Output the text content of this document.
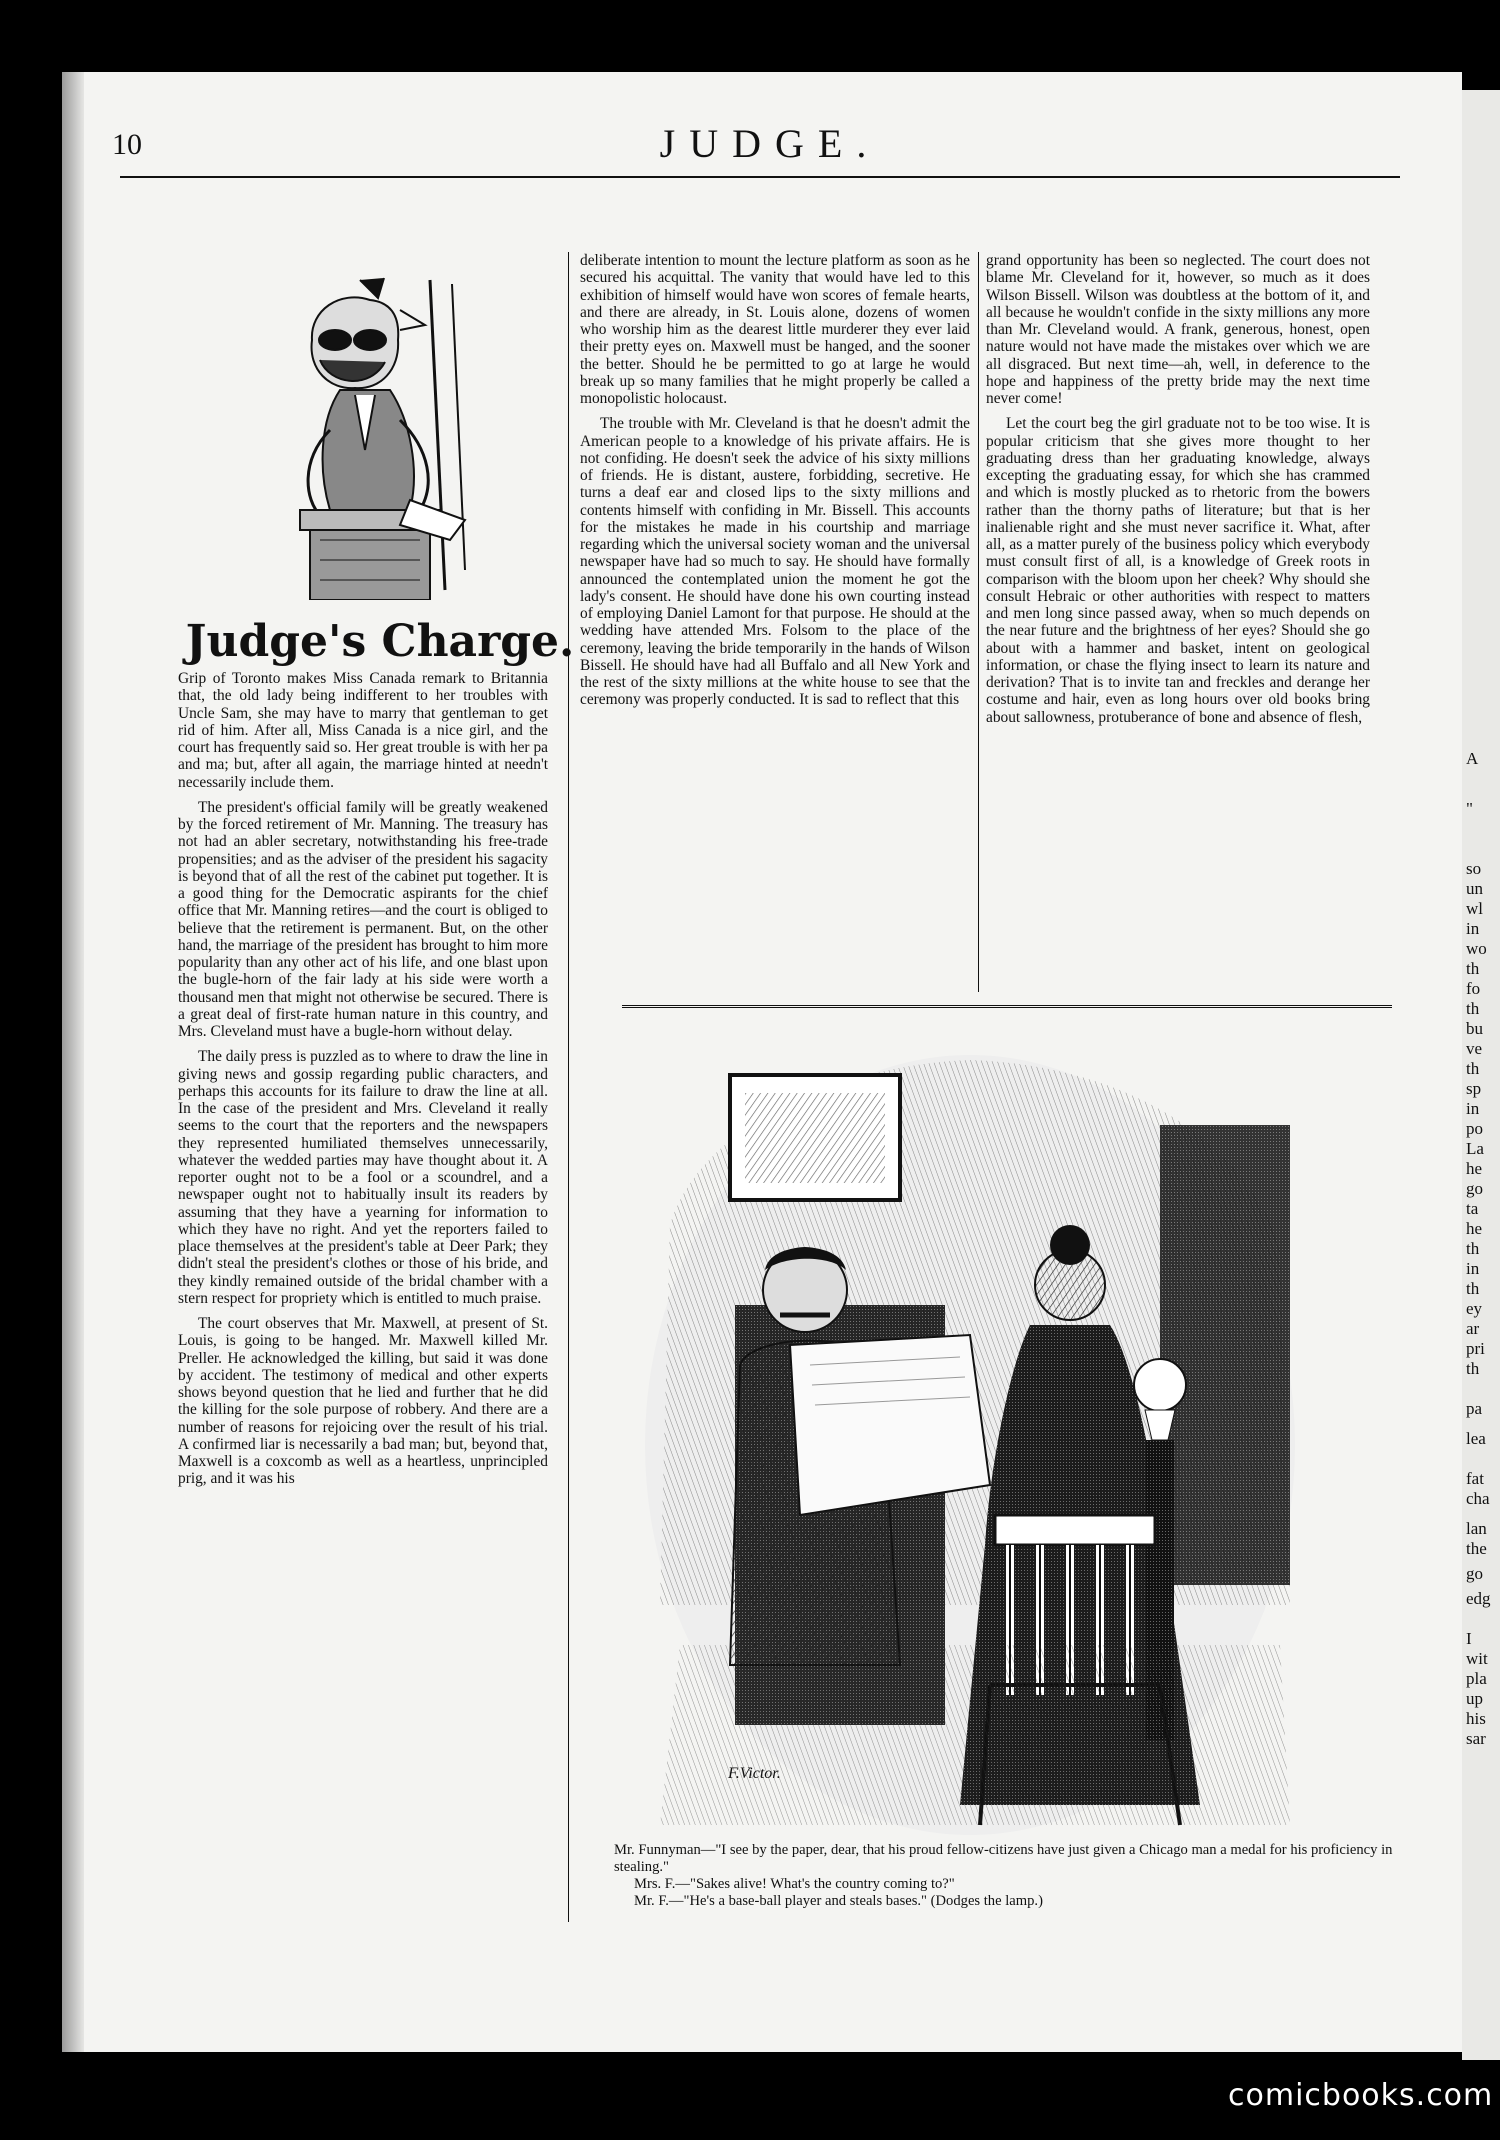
A
"
so
un
wl
in
wo
th
fo
th
bu
ve
th
sp
in
po
La
he
go
ta
he
th
in
th
ey
ar
pri
th
pa
lea
fat
cha
lan
the
go
edg
I
wit
pla
up
his
sar
10	JUDGE.
Judge's Charge.

Grip of Toronto makes Miss Canada remark to Britannia that, the old lady being indifferent to her troubles with Uncle Sam, she may have to marry that gentleman to get rid of him. After all, Miss Canada is a nice girl, and the court has frequently said so. Her great trouble is with her pa and ma; but, after all again, the marriage hinted at needn't necessarily include them.

The president's official family will be greatly weakened by the forced retirement of Mr. Manning. The treasury has not had an abler secretary, notwithstanding his free-trade propensities; and as the adviser of the president his sagacity is beyond that of all the rest of the cabinet put together. It is a good thing for the Democratic aspirants for the chief office that Mr. Manning retires—and the court is obliged to believe that the retirement is permanent. But, on the other hand, the marriage of the president has brought to him more popularity than any other act of his life, and one blast upon the bugle-horn of the fair lady at his side were worth a thousand men that might not otherwise be secured. There is a great deal of first-rate human nature in this country, and Mrs. Cleveland must have a bugle-horn without delay.

The daily press is puzzled as to where to draw the line in giving news and gossip regarding public characters, and perhaps this accounts for its failure to draw the line at all. In the case of the president and Mrs. Cleveland it really seems to the court that the reporters and the newspapers they represented humiliated themselves unnecessarily, whatever the wedded parties may have thought about it. A reporter ought not to be a fool or a scoundrel, and a newspaper ought not to habitually insult its readers by assuming that they have a yearning for information to which they have no right. And yet the reporters failed to place themselves at the president's table at Deer Park; they didn't steal the president's clothes or those of his bride, and they kindly remained outside of the bridal chamber with a stern respect for propriety which is entitled to much praise.

The court observes that Mr. Maxwell, at present of St. Louis, is going to be hanged. Mr. Maxwell killed Mr. Preller. He acknowledged the killing, but said it was done by accident. The testimony of medical and other experts shows beyond question that he lied and further that he did the killing for the sole purpose of robbery. And there are a number of reasons for rejoicing over the result of his trial. A confirmed liar is necessarily a bad man; but, beyond that, Maxwell is a coxcomb as well as a heartless, unprincipled prig, and it was his

deliberate intention to mount the lecture platform as soon as he secured his acquittal. The vanity that would have led to this exhibition of himself would have won scores of female hearts, and there are already, in St. Louis alone, dozens of women who worship him as the dearest little murderer they ever laid their pretty eyes on. Maxwell must be hanged, and the sooner the better. Should he be permitted to go at large he would break up so many families that he might properly be called a monopolistic holocaust.

The trouble with Mr. Cleveland is that he doesn't admit the American people to a knowledge of his private affairs. He is not confiding. He doesn't seek the advice of his sixty millions of friends. He is distant, austere, forbidding, secretive. He turns a deaf ear and closed lips to the sixty millions and contents himself with confiding in Mr. Bissell. This accounts for the mistakes he made in his courtship and marriage regarding which the universal society woman and the universal newspaper have had so much to say. He should have formally announced the contemplated union the moment he got the lady's consent. He should have done his own courting instead of employing Daniel Lamont for that purpose. He should at the wedding have attended Mrs. Folsom to the place of the ceremony, leaving the bride temporarily in the hands of Wilson Bissell. He should have had all Buffalo and all New York and the rest of the sixty millions at the white house to see that the ceremony was properly conducted. It is sad to reflect that this

grand opportunity has been so neglected. The court does not blame Mr. Cleveland for it, however, so much as it does Wilson Bissell. Wilson was doubtless at the bottom of it, and all because he wouldn't confide in the sixty millions any more than Mr. Cleveland would. A frank, generous, honest, open nature would not have made the mistakes over which we are all disgraced. But next time—ah, well, in deference to the hope and happiness of the pretty bride may the next time never come!

Let the court beg the girl graduate not to be too wise. It is popular criticism that she gives more thought to her graduating dress than her graduating knowledge, always excepting the graduating essay, for which she has crammed and which is mostly plucked as to rhetoric from the bowers rather than the thorny paths of literature; but that is her inalienable right and she must never sacrifice it. What, after all, as a matter purely of the business policy which everybody must consult first of all, is a knowledge of Greek roots in comparison with the bloom upon her cheek? Why should she consult Hebraic or other authorities with respect to matters and men long since passed away, when so much depends on the near future and the brightness of her eyes? Should she go about with a hammer and basket, intent on geological information, or chase the flying insect to learn its nature and derivation? That is to invite tan and freckles and derange her costume and hair, even as long hours over old books bring about sallowness, protuberance of bone and absence of flesh,

F.Victor.
Mr. Funnyman—"I see by the paper, dear, that his proud fellow-citizens have just given a Chicago man a medal for his proficiency in stealing."
Mrs. F.—"Sakes alive! What's the country coming to?"
Mr. F.—"He's a base-ball player and steals bases." (Dodges the lamp.)
comicbooks.com
